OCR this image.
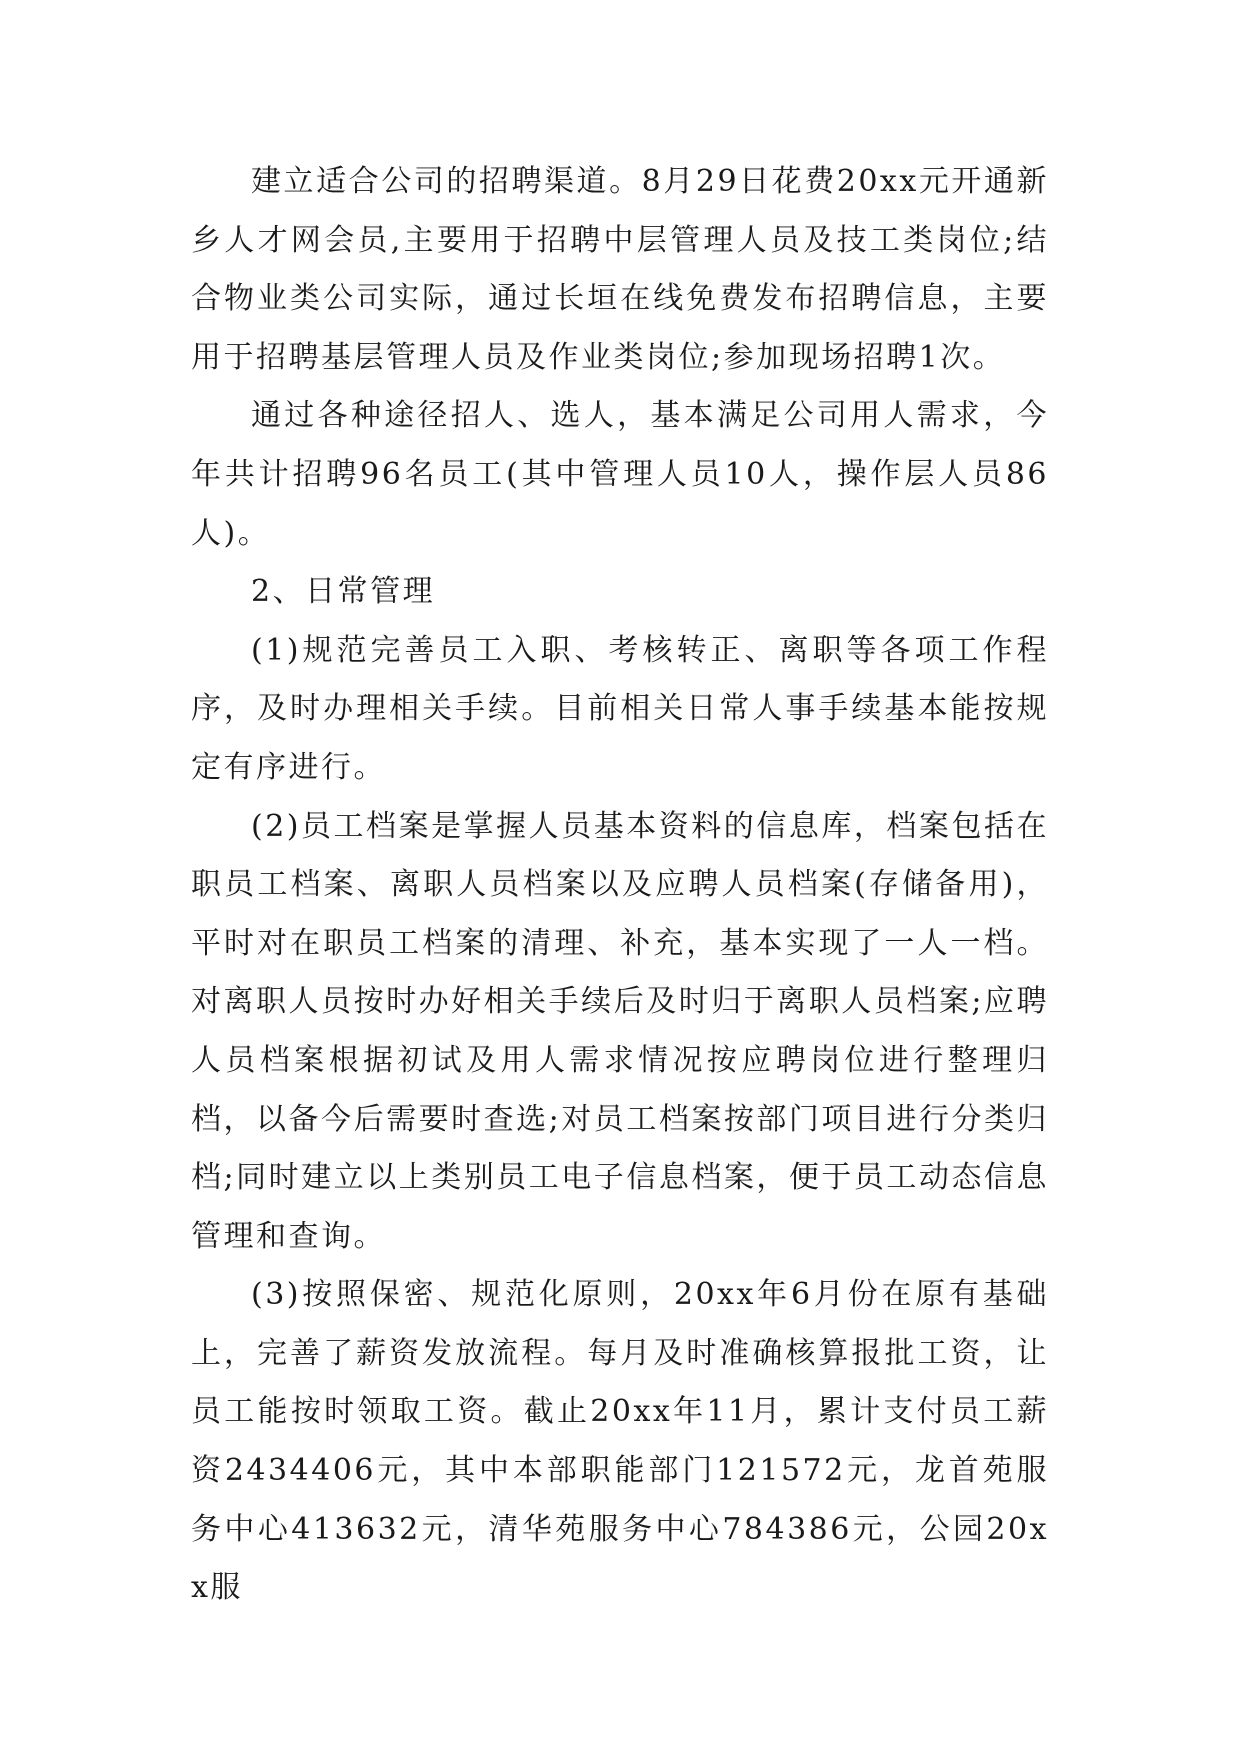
建立适合公司的招聘渠道。8月29日花费20xx元开通新乡人才网会员,主要用于招聘中层管理人员及技工类岗位;结合物业类公司实际，通过长垣在线免费发布招聘信息，主要用于招聘基层管理人员及作业类岗位;参加现场招聘1次。

通过各种途径招人、选人，基本满足公司用人需求，今年共计招聘96名员工(其中管理人员10人，操作层人员86人)。

2、日常管理

(1)规范完善员工入职、考核转正、离职等各项工作程序，及时办理相关手续。目前相关日常人事手续基本能按规定有序进行。

(2)员工档案是掌握人员基本资料的信息库，档案包括在职员工档案、离职人员档案以及应聘人员档案(存储备用)，平时对在职员工档案的清理、补充，基本实现了一人一档。对离职人员按时办好相关手续后及时归于离职人员档案;应聘人员档案根据初试及用人需求情况按应聘岗位进行整理归档，以备今后需要时查选;对员工档案按部门项目进行分类归档;同时建立以上类别员工电子信息档案，便于员工动态信息管理和查询。

(3)按照保密、规范化原则，20xx年6月份在原有基础上，完善了薪资发放流程。每月及时准确核算报批工资，让员工能按时领取工资。截止20xx年11月，累计支付员工薪资2434406元，其中本部职能部门121572元，龙首苑服务中心413632元，清华苑服务中心784386元，公园20xx服
